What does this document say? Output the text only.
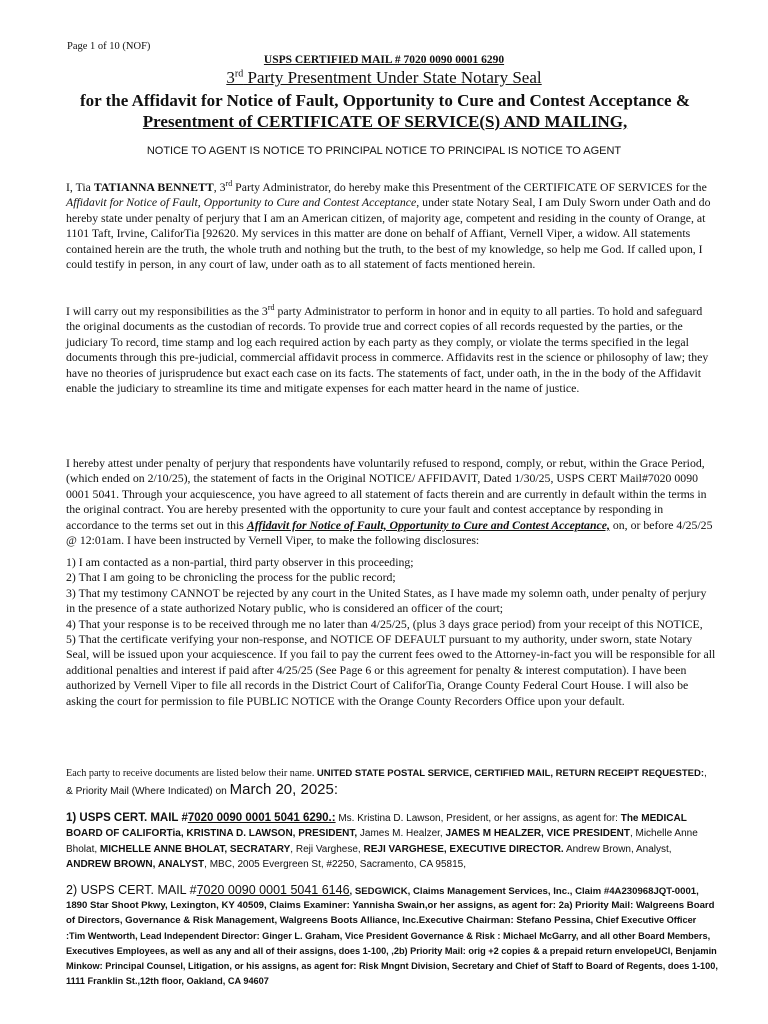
Page 1 of 10 (NOF)
USPS CERTIFIED MAIL # 7020 0090 0001 6290
3rd Party Presentment Under State Notary Seal
for the Affidavit for Notice of Fault, Opportunity to Cure and Contest Acceptance &
Presentment of CERTIFICATE OF SERVICE(S) AND MAILING,
NOTICE TO AGENT IS NOTICE TO PRINCIPAL NOTICE TO PRINCIPAL IS NOTICE TO AGENT
I, Tia TATIANNA BENNETT, 3rd Party Administrator, do hereby make this Presentment of the CERTIFICATE OF SERVICES for the Affidavit for Notice of Fault, Opportunity to Cure and Contest Acceptance, under state Notary Seal, I am Duly Sworn under Oath and do hereby state under penalty of perjury that I am an American citizen, of majority age, competent and residing in the county of Orange, at 1101 Taft, Irvine, CaliforTia [92620. My services in this matter are done on behalf of Affiant, Vernell Viper, a widow. All statements contained herein are the truth, the whole truth and nothing but the truth, to the best of my knowledge, so help me God. If called upon, I could testify in person, in any court of law, under oath as to all statement of facts mentioned herein.
I will carry out my responsibilities as the 3rd party Administrator to perform in honor and in equity to all parties. To hold and safeguard the original documents as the custodian of records. To provide true and correct copies of all records requested by the parties, or the judiciary To record, time stamp and log each required action by each party as they comply, or violate the terms specified in the legal documents through this pre-judicial, commercial affidavit process in commerce. Affidavits rest in the science or philosophy of law; they have no theories of jurisprudence but exact each case on its facts. The statements of fact, under oath, in the in the body of the Affidavit enable the judiciary to streamline its time and mitigate expenses for each matter heard in the name of justice.
I hereby attest under penalty of perjury that respondents have voluntarily refused to respond, comply, or rebut, within the Grace Period,(which ended on 2/10/25), the statement of facts in the Original NOTICE/ AFFIDAVIT, Dated 1/30/25, USPS CERT Mail#7020 0090 0001 5041. Through your acquiescence, you have agreed to all statement of facts therein and are currently in default within the terms in the original contract. You are hereby presented with the opportunity to cure your fault and contest acceptance by responding in accordance to the terms set out in this Affidavit for Notice of Fault, Opportunity to Cure and Contest Acceptance, on, or before 4/25/25 @ 12:01am. I have been instructed by Vernell Viper, to make the following disclosures:
1) I am contacted as a non-partial, third party observer in this proceeding;
2) That I am going to be chronicling the process for the public record;
3) That my testimony CANNOT be rejected by any court in the United States, as I have made my solemn oath, under penalty of perjury in the presence of a state authorized Notary public, who is considered an officer of the court;
4) That your response is to be received through me no later than 4/25/25, (plus 3 days grace period) from your receipt of this NOTICE,
5) That the certificate verifying your non-response, and NOTICE OF DEFAULT pursuant to my authority, under sworn, state Notary Seal, will be issued upon your acquiescence. If you fail to pay the current fees owed to the Attorney-in-fact you will be responsible for all additional penalties and interest if paid after 4/25/25 (See Page 6 or this agreement for penalty & interest computation). I have been authorized by Vernell Viper to file all records in the District Court of CaliforTia, Orange County Federal Court House. I will also be asking the court for permission to file PUBLIC NOTICE with the Orange County Recorders Office upon your default.
Each party to receive documents are listed below their name. UNITED STATE POSTAL SERVICE, CERTIFIED MAIL, RETURN RECEIPT REQUESTED:, & Priority Mail (Where Indicated) on March 20, 2025:
1) USPS CERT. MAIL #7020 0090 0001 5041 6290.: Ms. Kristina D. Lawson, President, or her assigns, as agent for: The MEDICAL BOARD OF CALIFORTia, KRISTINA D. LAWSON, PRESIDENT, James M. Healzer, JAMES M HEALZER, VICE PRESIDENT, Michelle Anne Bholat, MICHELLE ANNE BHOLAT, SECRATARY, Reji Varghese, REJI VARGHESE, EXECUTIVE DIRECTOR. Andrew Brown, Analyst, ANDREW BROWN, ANALYST, MBC, 2005 Evergreen St, #2250, Sacramento, CA 95815,
2) USPS CERT. MAIL #7020 0090 0001 5041 6146, SEDGWICK, Claims Management Services, Inc., Claim #4A230968JQT-0001, 1890 Star Shoot Pkwy, Lexington, KY 40509, Claims Examiner: Yannisha Swain,or her assigns, as agent for: 2a) Priority Mail: Walgreens Board of Directors, Governance & Risk Management, Walgreens Boots Alliance, Inc.Executive Chairman: Stefano Pessina, Chief Executive Officer :Tim Wentworth, Lead Independent Director: Ginger L. Graham, Vice President Governance & Risk : Michael McGarry, and all other Board Members, Executives Employees, as well as any and all of their assigns, does 1-100, ,2b) Priority Mail: orig +2 copies & a prepaid return envelopeUCI, Benjamin Minkow: Principal Counsel, Litigation, or his assigns, as agent for: Risk Mngnt Division, Secretary and Chief of Staff to Board of Regents, does 1-100, 1111 Franklin St.,12th floor, Oakland, CA 94607
